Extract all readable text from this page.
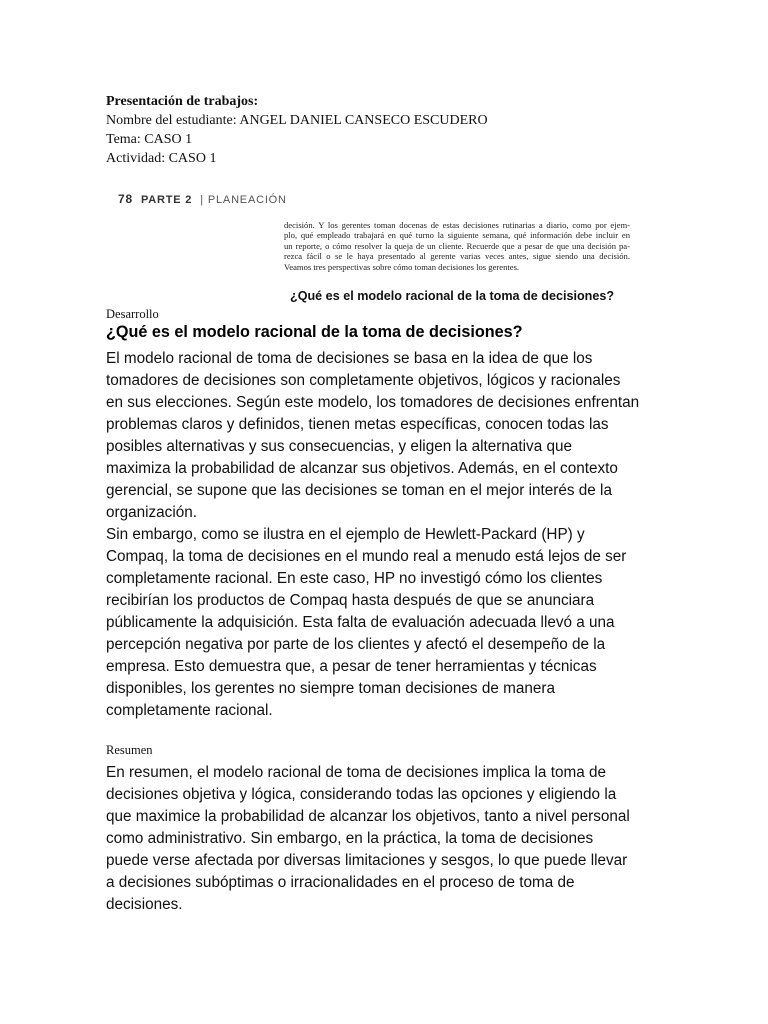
Presentación de trabajos:
Nombre del estudiante: ANGEL DANIEL CANSECO ESCUDERO
Tema: CASO 1
Actividad: CASO 1
78 PARTE 2 | PLANEACIÓN
decisión. Y los gerentes toman docenas de estas decisiones rutinarias a diario, como por ejem-
plo, qué empleado trabajará en qué turno la siguiente semana, qué información debe incluir en
un reporte, o cómo resolver la queja de un cliente. Recuerde que a pesar de que una decisión pa-
rezca fácil o se le haya presentado al gerente varias veces antes, sigue siendo una decisión.
Veamos tres perspectivas sobre cómo toman decisiones los gerentes.
¿Qué es el modelo racional de la toma de decisiones?
Desarrollo
¿Qué es el modelo racional de la toma de decisiones?
El modelo racional de toma de decisiones se basa en la idea de que los
tomadores de decisiones son completamente objetivos, lógicos y racionales
en sus elecciones. Según este modelo, los tomadores de decisiones enfrentan
problemas claros y definidos, tienen metas específicas, conocen todas las
posibles alternativas y sus consecuencias, y eligen la alternativa que
maximiza la probabilidad de alcanzar sus objetivos. Además, en el contexto
gerencial, se supone que las decisiones se toman en el mejor interés de la
organización.
Sin embargo, como se ilustra en el ejemplo de Hewlett-Packard (HP) y
Compaq, la toma de decisiones en el mundo real a menudo está lejos de ser
completamente racional. En este caso, HP no investigó cómo los clientes
recibirían los productos de Compaq hasta después de que se anunciara
públicamente la adquisición. Esta falta de evaluación adecuada llevó a una
percepción negativa por parte de los clientes y afectó el desempeño de la
empresa. Esto demuestra que, a pesar de tener herramientas y técnicas
disponibles, los gerentes no siempre toman decisiones de manera
completamente racional.
Resumen
En resumen, el modelo racional de toma de decisiones implica la toma de
decisiones objetiva y lógica, considerando todas las opciones y eligiendo la
que maximice la probabilidad de alcanzar los objetivos, tanto a nivel personal
como administrativo. Sin embargo, en la práctica, la toma de decisiones
puede verse afectada por diversas limitaciones y sesgos, lo que puede llevar
a decisiones subóptimas o irracionalidades en el proceso de toma de
decisiones.
